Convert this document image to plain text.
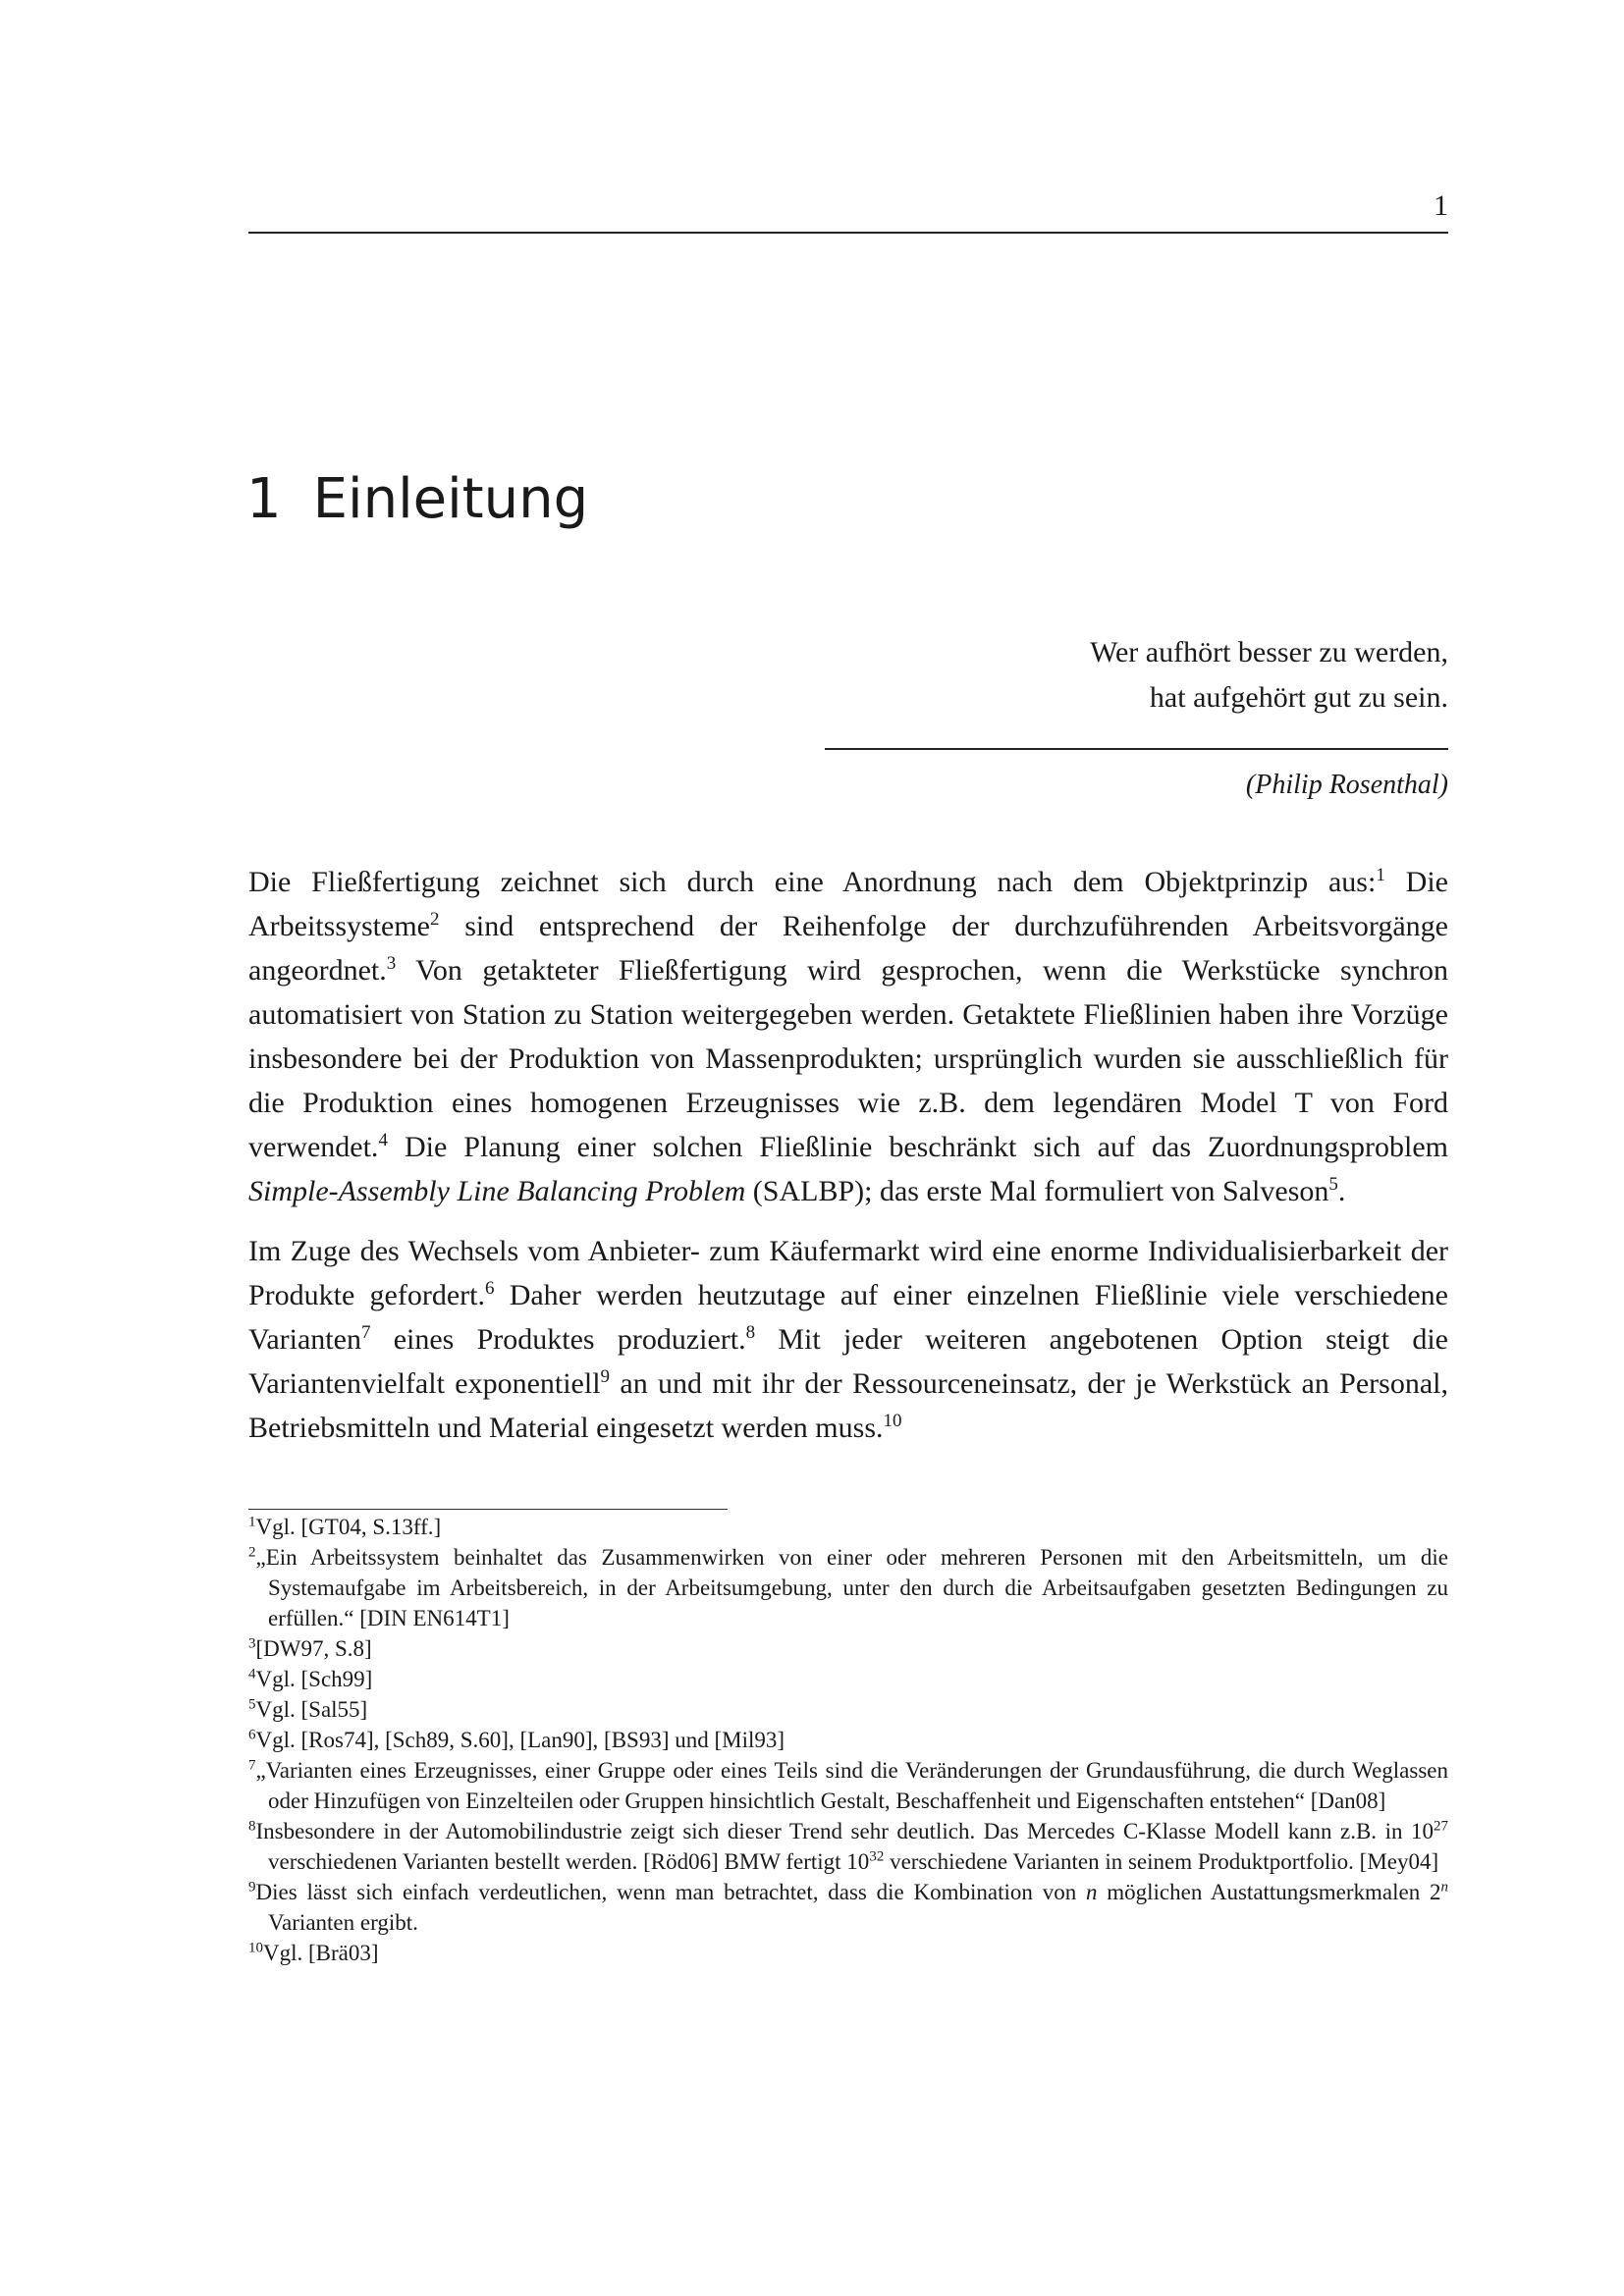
1
1 Einleitung
Wer aufhört besser zu werden,
hat aufgehört gut zu sein.
(Philip Rosenthal)

Die Fließfertigung zeichnet sich durch eine Anordnung nach dem Objektprinzip aus:$^1$ Die Arbeitssysteme$^2$ sind entsprechend der Reihenfolge der durchzuführenden Arbeitsvorgänge angeordnet.$^3$ Von getakteter Fließfertigung wird gesprochen, wenn die Werkstücke synchron automatisiert von Station zu Station weitergegeben werden. Getaktete Fließlinien haben ihre Vorzüge insbesondere bei der Produktion von Massenprodukten; ursprünglich wurden sie ausschließlich für die Produktion eines homogenen Erzeugnisses wie z.B. dem legendären Model T von Ford verwendet.$^4$ Die Planung einer solchen Fließlinie beschränkt sich auf das Zuordnungsproblem Simple-Assembly Line Balancing Problem (SALBP); das erste Mal formuliert von Salveson$^5$.

Im Zuge des Wechsels vom Anbieter- zum Käufermarkt wird eine enorme Individualisierbarkeit der Produkte gefordert.$^6$ Daher werden heutzutage auf einer einzelnen Fließlinie viele verschiedene Varianten$^7$ eines Produktes produziert.$^8$ Mit jeder weiteren angebotenen Option steigt die Variantenvielfalt exponentiell$^9$ an und mit ihr der Ressourceneinsatz, der je Werkstück an Personal, Betriebsmitteln und Material eingesetzt werden muss.$^{10}$

$^1$Vgl. [GT04, S.13ff.]

$^2$„Ein Arbeitssystem beinhaltet das Zusammenwirken von einer oder mehreren Personen mit den Arbeitsmitteln, um die Systemaufgabe im Arbeitsbereich, in der Arbeitsumgebung, unter den durch die Arbeitsaufgaben gesetzten Bedingungen zu erfüllen.“ [DIN EN614T1]

$^3$[DW97, S.8]

$^4$Vgl. [Sch99]

$^5$Vgl. [Sal55]

$^6$Vgl. [Ros74], [Sch89, S.60], [Lan90], [BS93] und [Mil93]

$^7$„Varianten eines Erzeugnisses, einer Gruppe oder eines Teils sind die Veränderungen der Grundausführung, die durch Weglassen oder Hinzufügen von Einzelteilen oder Gruppen hinsichtlich Gestalt, Beschaffenheit und Eigenschaften entstehen“ [Dan08]

$^8$Insbesondere in der Automobilindustrie zeigt sich dieser Trend sehr deutlich. Das Mercedes C-Klasse Modell kann z.B. in $10^{27}$ verschiedenen Varianten bestellt werden. [Röd06] BMW fertigt $10^{32}$ verschiedene Varianten in seinem Produktportfolio. [Mey04]

$^9$Dies lässt sich einfach verdeutlichen, wenn man betrachtet, dass die Kombination von n möglichen Austattungsmerkmalen 2$^n$ Varianten ergibt.

$^{10}$Vgl. [Brä03]
